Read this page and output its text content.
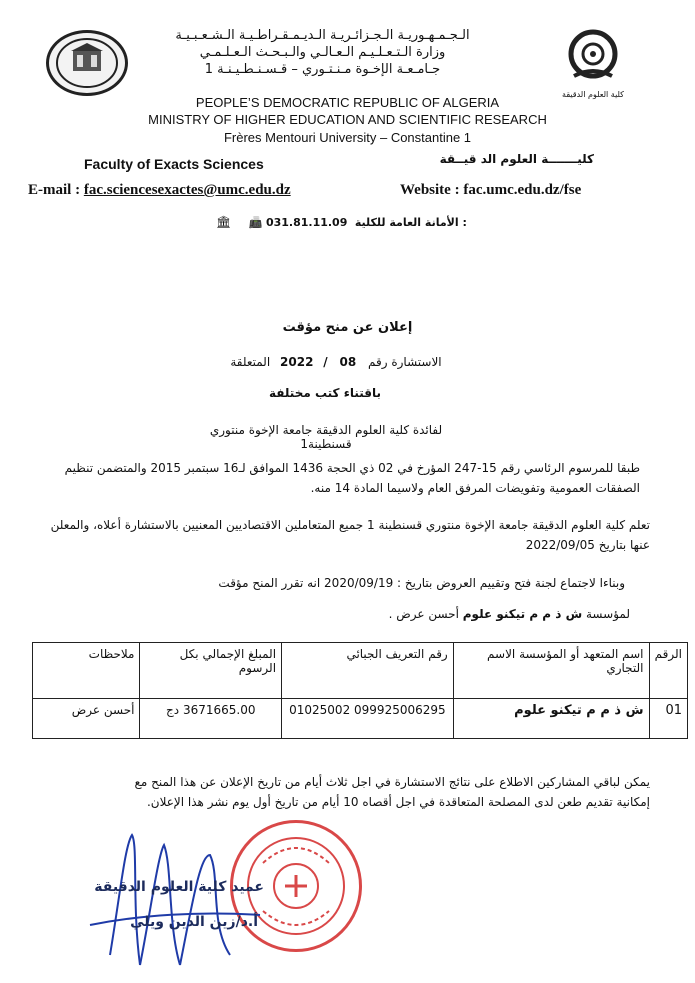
كلية العلوم الدقيقة
الـجـمـهـوريـة الـجـزائـريـة الـديـمـقـراطـيـة الـشـعـبـيـة
وزارة الـتـعـلـيـم الـعـالـي والـبـحـث الـعـلـمـي
جـامـعـة الإخـوة مـنـتـوري – قـسـنـطـيـنـة 1
PEOPLE’S DEMOCRATIC REPUBLIC OF ALGERIA
MINISTRY OF HIGHER EDUCATION AND SCIENTIFIC RESEARCH
Frères Mentouri University – Constantine 1
Faculty of Exacts Sciences	كليـــــــة العلوم الد قيــقة
E-mail : fac.sciencesexactes@umc.edu.dz	Website : fac.umc.edu.dz/fse
🏛 📠 031.81.11.09 الأمانة العامة للكلية :
إعلان عن منح مؤقت
الاستشارة رقم 08 / 2022 المتعلقة
باقتناء كتب مختلفة
لفائدة كلية العلوم الدقيقة جامعة الإخوة منتوري قسنطينة1
طبقا للمرسوم الرئاسي رقم 15-247 المؤرخ في 02 ذي الحجة 1436 الموافق لـ16 سبتمبر 2015 والمتضمن تنظيم الصفقات العمومية وتفويضات المرفق العام ولاسيما المادة 14 منه.
تعلم كلية العلوم الدقيقة جامعة الإخوة منتوري قسنطينة 1 جميع المتعاملين الاقتصاديين المعنيين بالاستشارة أعلاه، والمعلن عنها بتاريخ 2022/09/05
وبناءا لاجتماع لجنة فتح وتقييم العروض بتاريخ : 2020/09/19 انه تقرر المنح مؤقت
لمؤسسة ش ذ م م تيكنو علوم أحسن عرض .
الرقم	اسم المتعهد أو المؤسسة الاسم التجاري	رقم التعريف الجبائي	المبلغ الإجمالي بكل الرسوم	ملاحظات
01	ش ذ م م تيكنو علوم	099925006295 01025002	3671665.00 دج	أحسن عرض
يمكن لباقي المشاركين الاطلاع على نتائج الاستشارة في اجل ثلاث أيام من تاريخ الإعلان عن هذا المنح مع إمكانية تقديم طعن لدى المصلحة المتعاقدة في اجل أقصاه 10 أيام من تاريخ أول يوم نشر هذا الإعلان.
عميد كلية العلوم الدقيقة
أ.د/زين الدين ويلي
